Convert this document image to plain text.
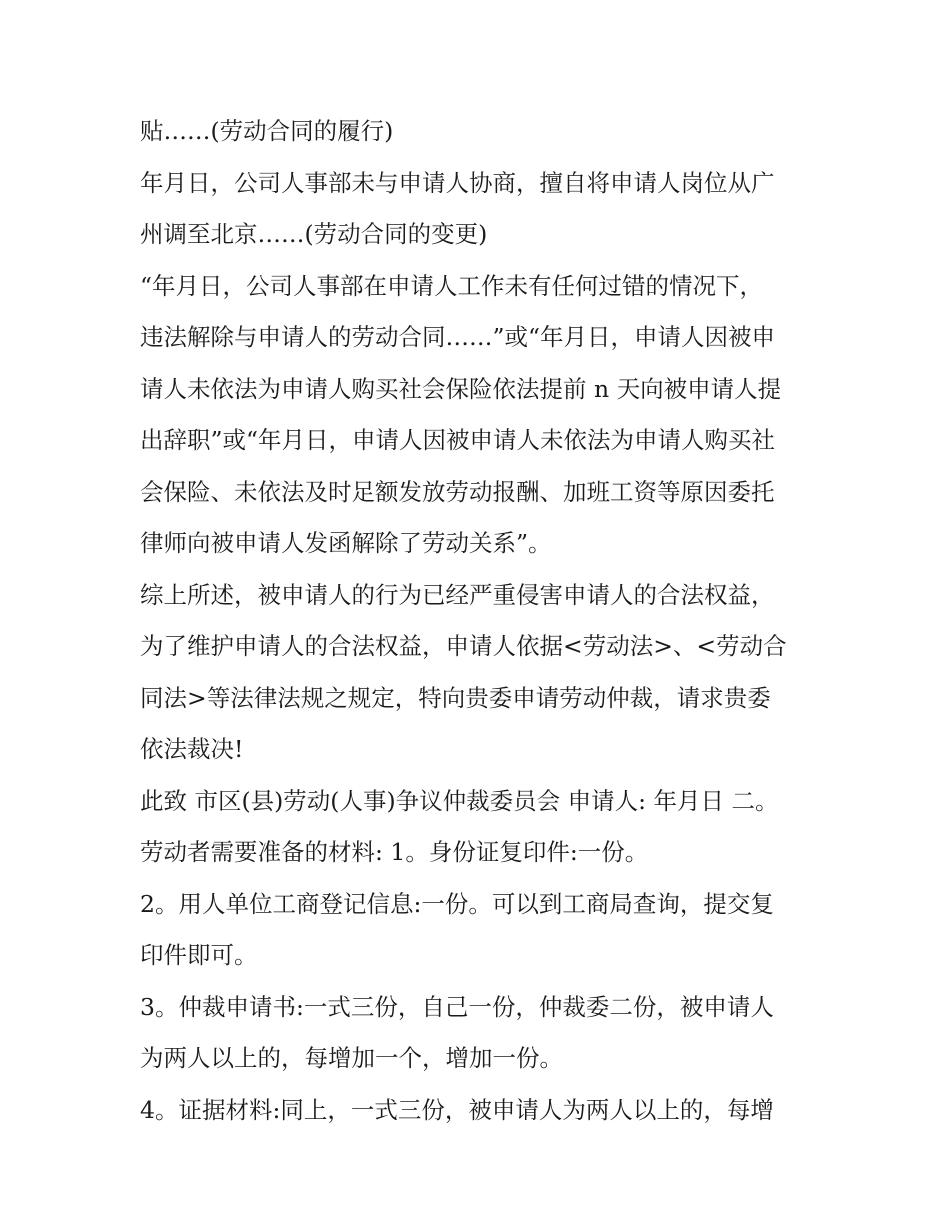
贴……(劳动合同的履行)
年月日，公司人事部未与申请人协商，擅自将申请人岗位从广
州调至北京……(劳动合同的变更)
“年月日，公司人事部在申请人工作未有任何过错的情况下，
违法解除与申请人的劳动合同……”或“年月日，申请人因被申
请人未依法为申请人购买社会保险依法提前 n 天向被申请人提
出辞职”或“年月日，申请人因被申请人未依法为申请人购买社
会保险、未依法及时足额发放劳动报酬、加班工资等原因委托
律师向被申请人发函解除了劳动关系”。
综上所述，被申请人的行为已经严重侵害申请人的合法权益，
为了维护申请人的合法权益，申请人依据<劳动法>、<劳动合
同法>等法律法规之规定，特向贵委申请劳动仲裁，请求贵委
依法裁决!
此致 市区(县)劳动(人事)争议仲裁委员会 申请人: 年月日 二。
劳动者需要准备的材料: 1。身份证复印件:一份。
2。用人单位工商登记信息:一份。可以到工商局查询，提交复
印件即可。
3。仲裁申请书:一式三份，自己一份，仲裁委二份，被申请人
为两人以上的，每增加一个，增加一份。
4。证据材料:同上，一式三份，被申请人为两人以上的，每增
